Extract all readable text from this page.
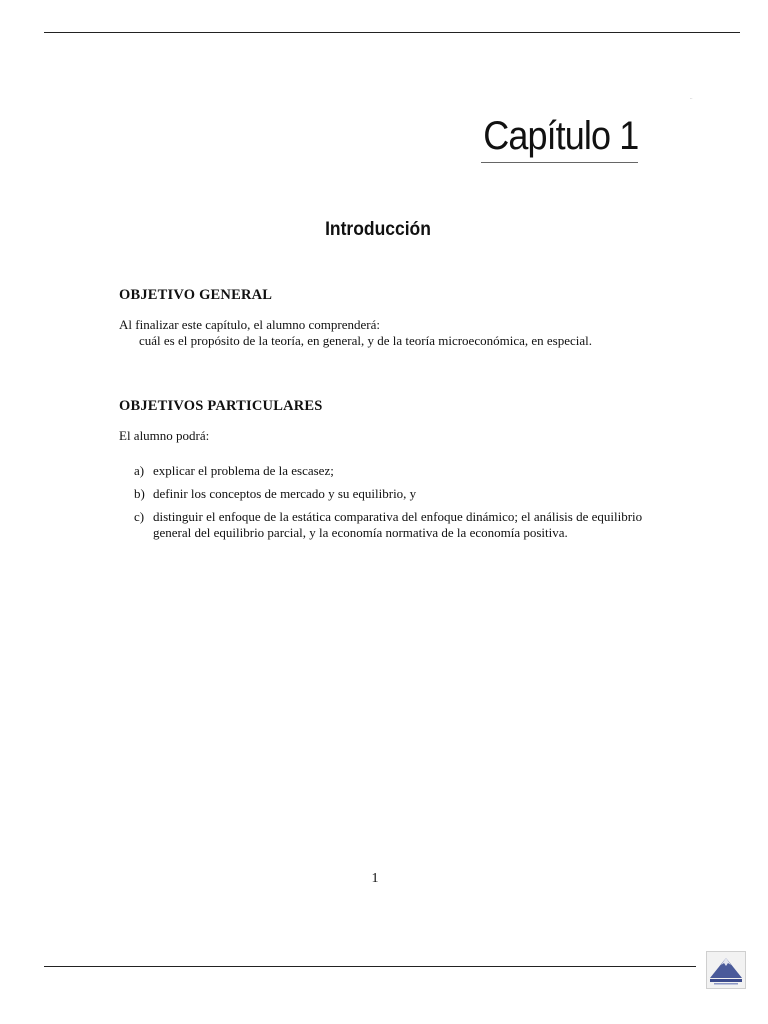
..
Capítulo 1
Introducción
OBJETIVO GENERAL

Al finalizar este capítulo, el alumno comprenderá:

cuál es el propósito de la teoría, en general, y de la teoría microeconómica, en especial.

OBJETIVOS PARTICULARES

El alumno podrá:

a) explicar el problema de la escasez;
b) definir los conceptos de mercado y su equilibrio, y
c) distinguir el enfoque de la estática comparativa del enfoque dinámico; el análisis de equilibrio general del equilibrio parcial, y la economía normativa de la economía positiva.
1
